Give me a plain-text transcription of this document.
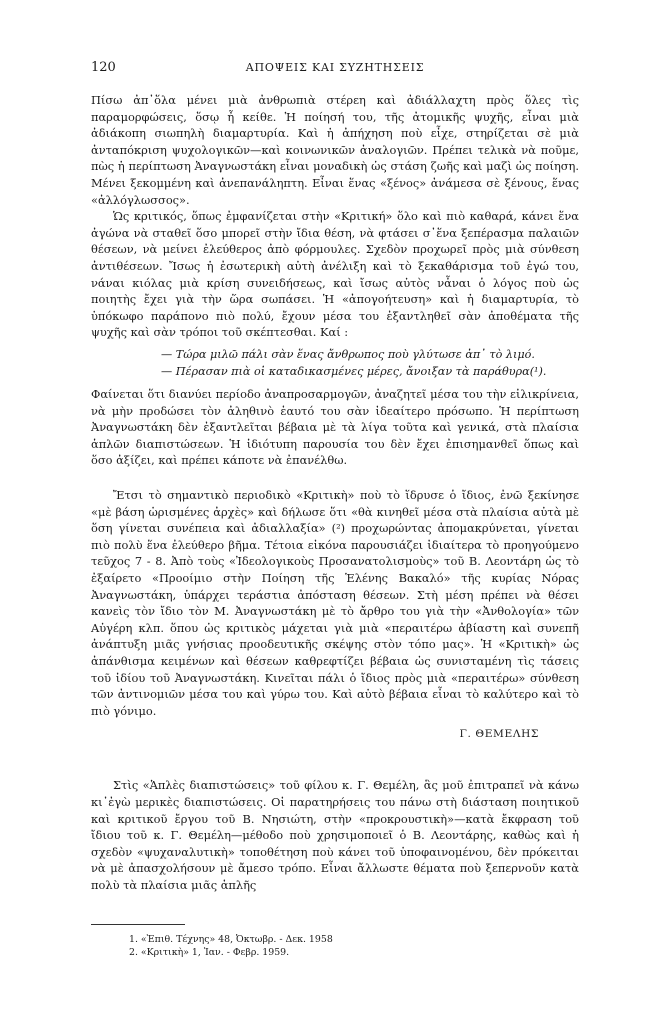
120	ΑΠΟΨΕΙΣ ΚΑΙ ΣΥΖΗΤΗΣΕΙΣ

Πίσω ἀπ᾽ὅλα μένει μιὰ ἀνθρωπιὰ στέρεη καὶ ἀδιάλλαχτη πρὸς ὅλες τὶς παραμορφώσεις, ὅσῳ ἦ κείθε. Ἡ ποίησή του, τῆς ἀτομικῆς ψυχῆς, εἶναι μιὰ ἀδιάκοπη σιωπηλὴ διαμαρτυρία. Καὶ ἡ ἀπήχηση ποὺ εἶχε, στηρίζεται σὲ μιὰ ἀνταπόκριση ψυχολογικῶν—καὶ κοινωνικῶν ἀναλογιῶν. Πρέπει τελικὰ νὰ ποῦμε, πὼς ἡ περίπτωση Ἀναγνωστάκη εἶναι μοναδικὴ ὡς στάση ζωῆς καὶ μαζὶ ὡς ποίηση. Μένει ξεκομμένη καὶ ἀνεπανάληπτη. Εἶναι ἕνας «ξένος» ἀνάμεσα σὲ ξένους, ἕνας «ἀλλόγλωσσος».

Ὡς κριτικός, ὅπως ἐμφανίζεται στὴν «Κριτική» ὅλο καὶ πιὸ καθαρά, κάνει ἕνα ἀγώνα νὰ σταθεῖ ὅσο μπορεῖ στὴν ἴδια θέση, νὰ φτάσει σ᾽ἕνα ξεπέρασμα παλαιῶν θέσεων, νὰ μείνει ἐλεύθερος ἀπὸ φόρμουλες. Σχεδὸν προχωρεῖ πρὸς μιὰ σύνθεση ἀντιθέσεων. Ἴσως ἡ ἐσωτερικὴ αὐτὴ ἀνέλιξη καὶ τὸ ξεκαθάρισμα τοῦ ἐγώ του, νάναι κιόλας μιὰ κρίση συνειδήσεως, καὶ ἴσως αὐτὸς νἆναι ὁ λόγος ποὺ ὡς ποιητὴς ἔχει γιὰ τὴν ὥρα σωπάσει. Ἡ «ἀπογοήτευση» καὶ ἡ διαμαρτυρία, τὸ ὑπόκωφο παράπονο πιὸ πολύ, ἔχουν μέσα του ἐξαντληθεῖ σὰν ἀποθέματα τῆς ψυχῆς καὶ σὰν τρόποι τοῦ σκέπτεσθαι. Καί :

— Τώρα μιλῶ πάλι σὰν ἕνας ἄνθρωπος ποὺ γλύτωσε ἀπ᾽ τὸ λιμό.
— Πέρασαν πιὰ οἱ καταδικασμένες μέρες, ἄνοιξαν τὰ παράθυρα(¹).

Φαίνεται ὅτι διανύει περίοδο ἀναπροσαρμογῶν, ἀναζητεῖ μέσα του τὴν εἰλικρίνεια, νὰ μὴν προδώσει τὸν ἀληθινὸ ἑαυτό του σὰν ἰδεαίτερο πρόσωπο. Ἡ περίπτωση Ἀναγνωστάκη δὲν ἐξαντλεῖται βέβαια μὲ τὰ λίγα τοῦτα καὶ γενικά, στὰ πλαίσια ἁπλῶν διαπιστώσεων. Ἡ ἰδιότυπη παρουσία του δὲν ἔχει ἐπισημανθεῖ ὅπως καὶ ὅσο ἀξίζει, καὶ πρέπει κάποτε νὰ ἐπανέλθω.

Ἔτσι τὸ σημαντικὸ περιοδικὸ «Κριτικὴ» ποὺ τὸ ἵδρυσε ὁ ἴδιος, ἐνῶ ξεκίνησε «μὲ βάση ὡρισμένες ἀρχὲς» καὶ δήλωσε ὅτι «θὰ κινηθεῖ μέσα στὰ πλαίσια αὐτὰ μὲ ὅση γίνεται συνέπεια καὶ ἀδιαλλαξία» (²) προχωρώντας ἀπομακρύνεται, γίνεται πιὸ πολὺ ἕνα ἐλεύθερο βῆμα. Τέτοια εἰκόνα παρουσιάζει ἰδιαίτερα τὸ προηγούμενο τεῦχος 7 - 8. Ἀπὸ τοὺς «Ἰδεολογικοὺς Προσανατολισμοὺς» τοῦ Β. Λεοντάρη ὡς τὸ ἐξαίρετο «Προοίμιο στὴν Ποίηση τῆς Ἑλένης Βακαλό» τῆς κυρίας Νόρας Ἀναγνωστάκη, ὑπάρχει τεράστια ἀπόσταση θέσεων. Στὴ μέση πρέπει νὰ θέσει κανεὶς τὸν ἴδιο τὸν Μ. Ἀναγνωστάκη μὲ τὸ ἄρθρο του γιὰ τὴν «Ἀνθολογία» τῶν Αὐγέρη κλπ. ὅπου ὡς κριτικὸς μάχεται γιὰ μιὰ «περαιτέρω ἀβίαστη καὶ συνεπῆ ἀνάπτυξη μιᾶς γνήσιας προοδευτικῆς σκέψης στὸν τόπο μας». Ἡ «Κριτικὴ» ὡς ἀπάνθισμα κειμένων καὶ θέσεων καθρεφτίζει βέβαια ὡς συνισταμένη τὶς τάσεις τοῦ ἰδίου τοῦ Ἀναγνωστάκη. Κινεῖται πάλι ὁ ἴδιος πρὸς μιὰ «περαιτέρω» σύνθεση τῶν ἀντινομιῶν μέσα του καὶ γύρω του. Καὶ αὐτὸ βέβαια εἶναι τὸ καλύτερο καὶ τὸ πιὸ γόνιμο.

Γ. ΘΕΜΕΛΗΣ

Στὶς «Ἁπλὲς διαπιστώσεις» τοῦ φίλου κ. Γ. Θεμέλη, ἃς μοῦ ἐπιτραπεῖ νὰ κάνω κι᾽ἐγὼ μερικὲς διαπιστώσεις. Οἱ παρατηρήσεις του πάνω στὴ διάσταση ποιητικοῦ καὶ κριτικοῦ ἔργου τοῦ Β. Νησιώτη, στὴν «προκρουστικὴ»—κατὰ ἔκφραση τοῦ ἴδιου τοῦ κ. Γ. Θεμέλη—μέθοδο ποὺ χρησιμοποιεῖ ὁ Β. Λεοντάρης, καθὼς καὶ ἡ σχεδὸν «ψυχαναλυτικὴ» τοποθέτηση ποὺ κάνει τοῦ ὑποφαινομένου, δὲν πρόκειται νὰ μὲ ἀπασχολήσουν μὲ ἄμεσο τρόπο. Εἶναι ἄλλωστε θέματα ποὺ ξεπερνοῦν κατὰ πολὺ τὰ πλαίσια μιᾶς ἁπλῆς

1. «Ἐπιθ. Τέχνης» 48, Ὀκτωβρ. - Δεκ. 1958
2. «Κριτικὴ» 1, Ἰαν. - Φεβρ. 1959.
